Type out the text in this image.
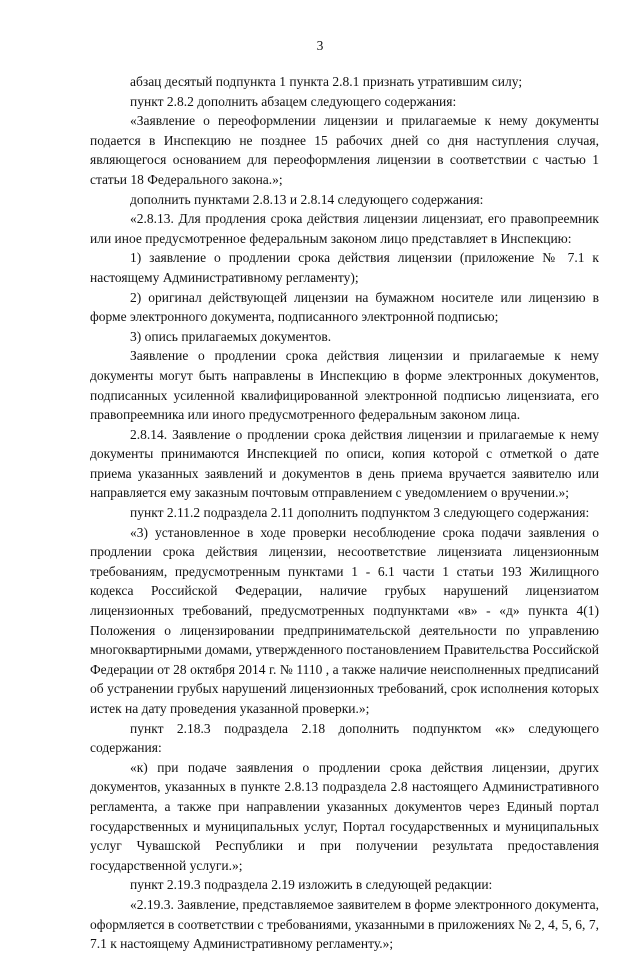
3

абзац десятый подпункта 1 пункта 2.8.1 признать утратившим силу;

пункт 2.8.2 дополнить абзацем следующего содержания:

«Заявление о переоформлении лицензии и прилагаемые к нему документы подается в Инспекцию не позднее 15 рабочих дней со дня наступления случая, являющегося основанием для переоформления лицензии в соответствии с частью 1 статьи 18 Федерального закона.»;

дополнить пунктами 2.8.13 и 2.8.14 следующего содержания:

«2.8.13. Для продления срока действия лицензии лицензиат, его правопреемник или иное предусмотренное федеральным законом лицо представляет в Инспекцию:

1) заявление о продлении срока действия лицензии (приложение № 7.1 к настоящему Административному регламенту);

2) оригинал действующей лицензии на бумажном носителе или лицензию в форме электронного документа, подписанного электронной подписью;

3) опись прилагаемых документов.

Заявление о продлении срока действия лицензии и прилагаемые к нему документы могут быть направлены в Инспекцию в форме электронных документов, подписанных усиленной квалифицированной электронной подписью лицензиата, его правопреемника или иного предусмотренного федеральным законом лица.

2.8.14. Заявление о продлении срока действия лицензии и прилагаемые к нему документы принимаются Инспекцией по описи, копия которой с отметкой о дате приема указанных заявлений и документов в день приема вручается заявителю или направляется ему заказным почтовым отправлением с уведомлением о вручении.»;

пункт 2.11.2 подраздела 2.11 дополнить подпунктом 3 следующего содержания:

«3) установленное в ходе проверки несоблюдение срока подачи заявления о продлении срока действия лицензии, несоответствие лицензиата лицензионным требованиям, предусмотренным пунктами 1 - 6.1 части 1 статьи 193 Жилищного кодекса Российской Федерации, наличие грубых нарушений лицензиатом лицензионных требований, предусмотренных подпунктами «в» - «д» пункта 4(1) Положения о лицензировании предпринимательской деятельности по управлению многоквартирными домами, утвержденного постановлением Правительства Российской Федерации от 28 октября 2014 г. № 1110 , а также наличие неисполненных предписаний об устранении грубых нарушений лицензионных требований, срок исполнения которых истек на дату проведения указанной проверки.»;

пункт 2.18.3 подраздела 2.18 дополнить подпунктом «к» следующего содержания:

«к) при подаче заявления о продлении срока действия лицензии, других документов, указанных в пункте 2.8.13 подраздела 2.8 настоящего Административного регламента, а также при направлении указанных документов через Единый портал государственных и муниципальных услуг, Портал государственных и муниципальных услуг Чувашской Республики и при получении результата предоставления государственной услуги.»;

пункт 2.19.3 подраздела 2.19 изложить в следующей редакции:

«2.19.3. Заявление, представляемое заявителем в форме электронного документа, оформляется в соответствии с требованиями, указанными в приложениях № 2, 4, 5, 6, 7, 7.1 к настоящему Административному регламенту.»;
